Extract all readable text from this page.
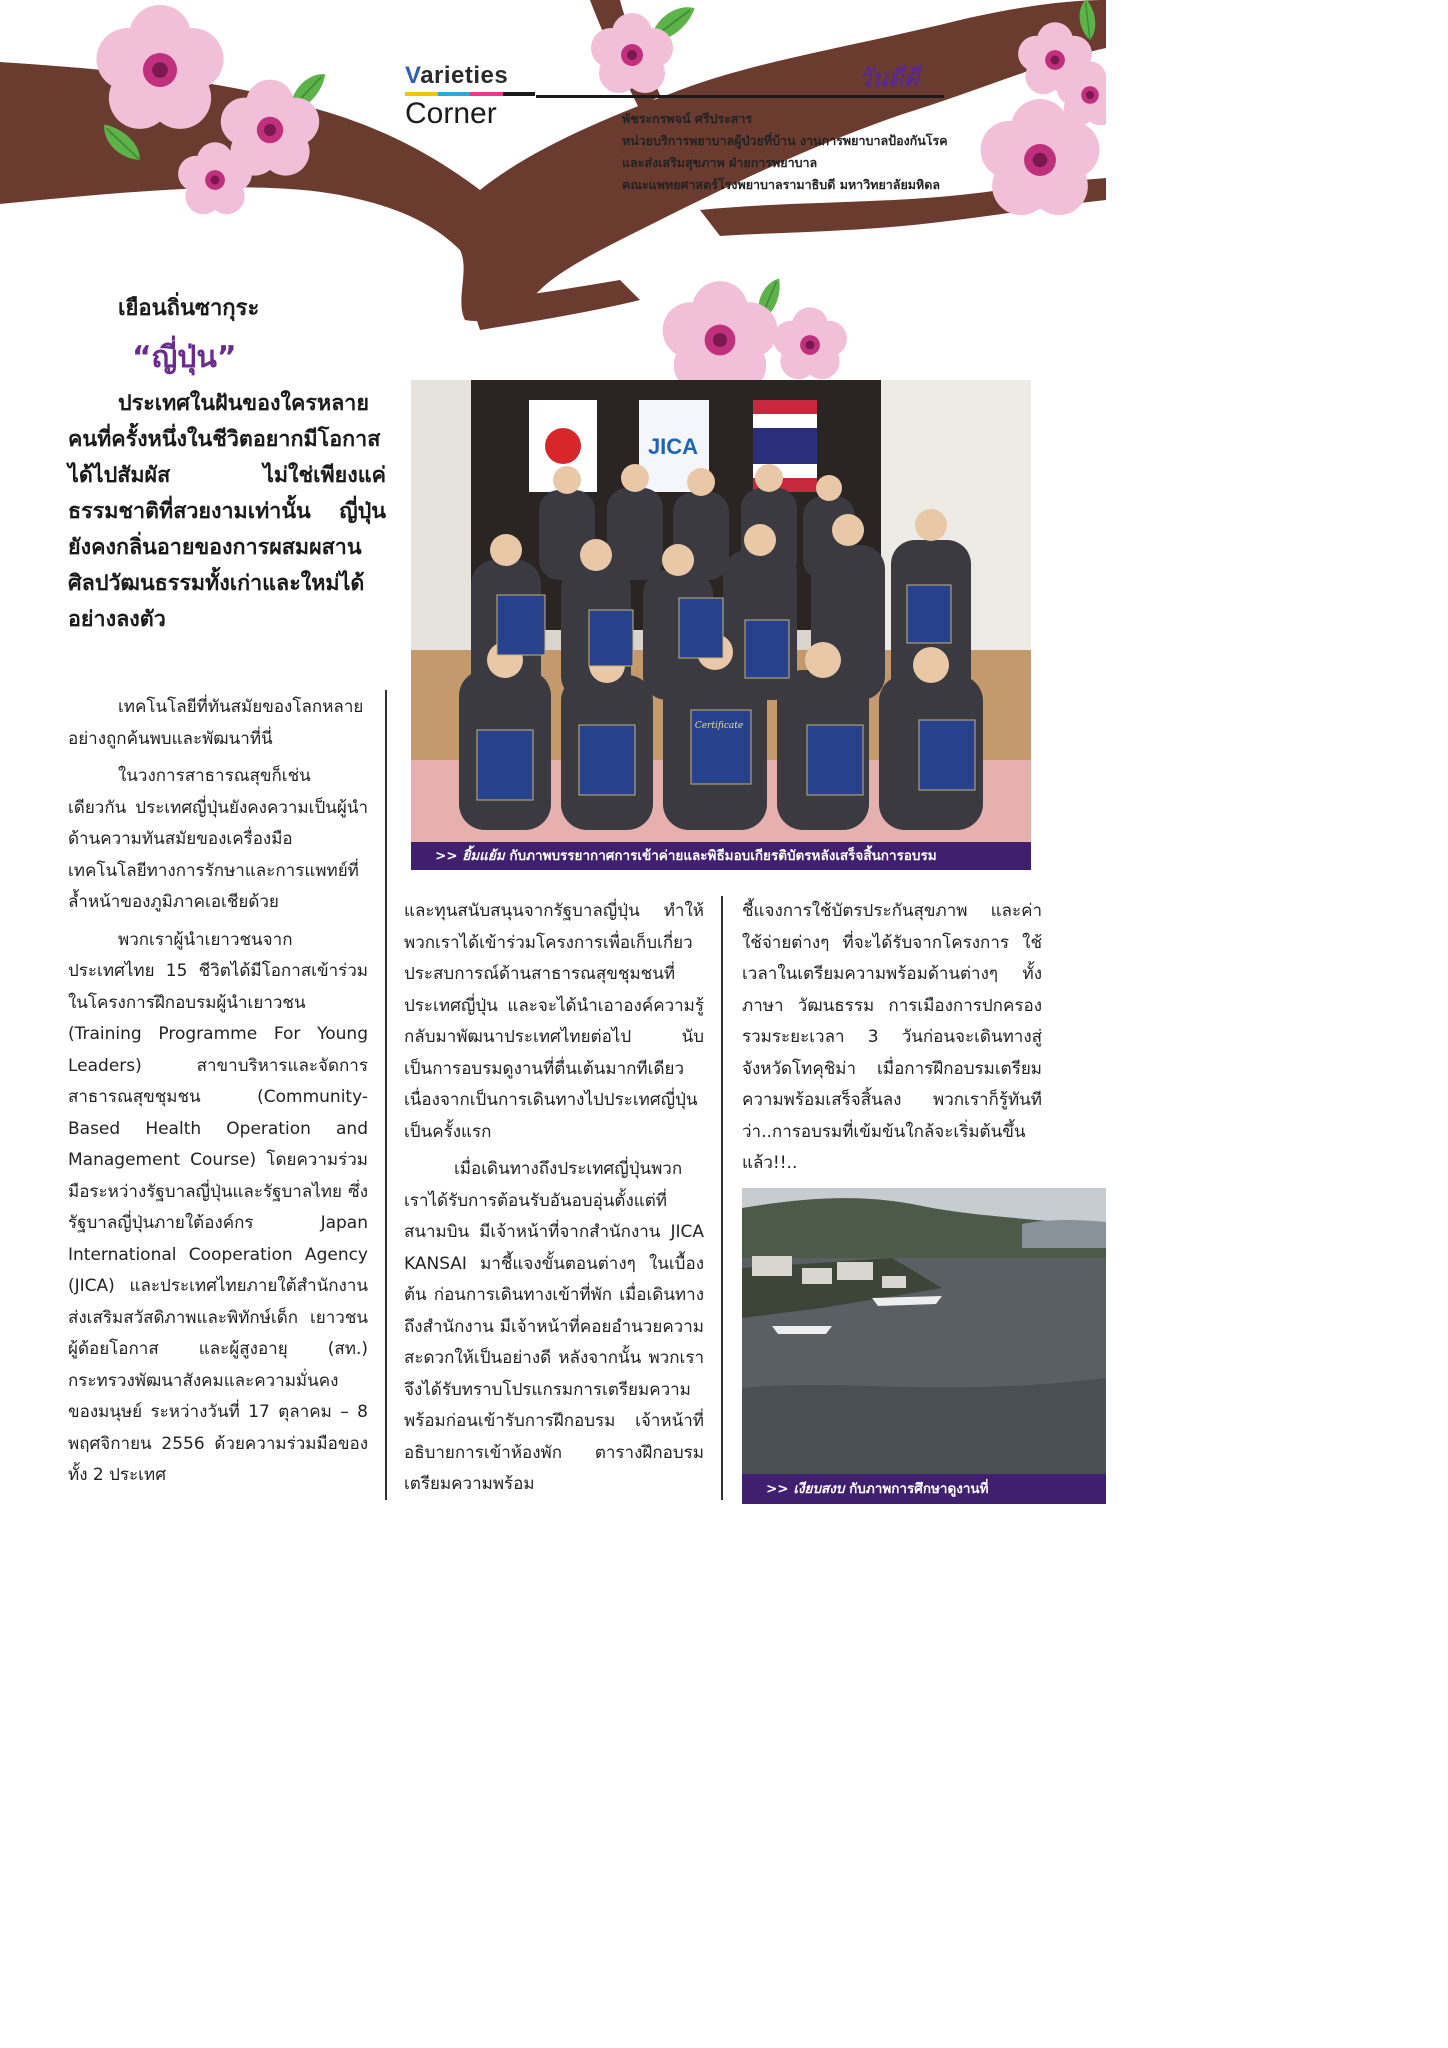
Varieties
Corner
วันดีดี
พัชระกรพจน์ ศรีประสาร
หน่วยบริการพยาบาลผู้ป่วยที่บ้าน งานการพยาบาลป้องกันโรค
และส่งเสริมสุขภาพ ฝ่ายการพยาบาล
คณะแพทยศาสตร์โรงพยาบาลรามาธิบดี มหาวิทยาลัยมหิดล
เยือนถิ่นซากุระ
“ญี่ปุ่น”
ประเทศในฝันของใครหลายคนที่ครั้งหนึ่งในชีวิตอยากมีโอกาสได้ไปสัมผัส ไม่ใช่เพียงแค่ธรรมชาติที่สวยงามเท่านั้น ญี่ปุ่นยังคงกลิ่นอายของการผสมผสานศิลปวัฒนธรรมทั้งเก่าและใหม่ได้อย่างลงตัว
JICA
Certificate
>> ยิ้มแย้ม กับภาพบรรยากาศการเข้าค่ายและพิธีมอบเกียรติบัตรหลังเสร็จสิ้นการอบรม

เทคโนโลยีที่ทันสมัยของโลกหลายอย่างถูกค้นพบและพัฒนาที่นี่

ในวงการสาธารณสุขก็เช่นเดียวกัน ประเทศญี่ปุ่นยังคงความเป็นผู้นำด้านความทันสมัยของเครื่องมือเทคโนโลยีทางการรักษาและการแพทย์ที่ล้ำหน้าของภูมิภาคเอเชียด้วย

พวกเราผู้นำเยาวชนจากประเทศไทย 15 ชีวิตได้มีโอกาสเข้าร่วมในโครงการฝึกอบรมผู้นำเยาวชน (Training Programme For Young Leaders) สาขาบริหารและจัดการสาธารณสุขชุมชน (Community-Based Health Operation and Management Course) โดยความร่วมมือระหว่างรัฐบาลญี่ปุ่นและรัฐบาลไทย ซึ่งรัฐบาลญี่ปุ่นภายใต้องค์กร Japan International Cooperation Agency (JICA) และประเทศไทยภายใต้สำนักงานส่งเสริมสวัสดิภาพและพิทักษ์เด็ก เยาวชน ผู้ด้อยโอกาส และผู้สูงอายุ (สท.) กระทรวงพัฒนาสังคมและความมั่นคงของมนุษย์ ระหว่างวันที่ 17 ตุลาคม – 8 พฤศจิกายน 2556 ด้วยความร่วมมือของทั้ง 2 ประเทศ

และทุนสนับสนุนจากรัฐบาลญี่ปุ่น ทำให้พวกเราได้เข้าร่วมโครงการเพื่อเก็บเกี่ยวประสบการณ์ด้านสาธารณสุขชุมชนที่ประเทศญี่ปุ่น และจะได้นำเอาองค์ความรู้กลับมาพัฒนาประเทศไทยต่อไป นับเป็นการอบรมดูงานที่ตื่นเต้นมากทีเดียว เนื่องจากเป็นการเดินทางไปประเทศญี่ปุ่นเป็นครั้งแรก

เมื่อเดินทางถึงประเทศญี่ปุ่นพวกเราได้รับการต้อนรับอันอบอุ่นตั้งแต่ที่สนามบิน มีเจ้าหน้าที่จากสำนักงาน JICA KANSAI มาชี้แจงขั้นตอนต่างๆ ในเบื้องต้น ก่อนการเดินทางเข้าที่พัก เมื่อเดินทางถึงสำนักงาน มีเจ้าหน้าที่คอยอำนวยความสะดวกให้เป็นอย่างดี หลังจากนั้น พวกเราจึงได้รับทราบโปรแกรมการเตรียมความพร้อมก่อนเข้ารับการฝึกอบรม เจ้าหน้าที่อธิบายการเข้าห้องพัก ตารางฝึกอบรมเตรียมความพร้อม

ชี้แจงการใช้บัตรประกันสุขภาพ และค่าใช้จ่ายต่างๆ ที่จะได้รับจากโครงการ ใช้เวลาในเตรียมความพร้อมด้านต่างๆ ทั้งภาษา วัฒนธรรม การเมืองการปกครอง รวมระยะเวลา 3 วันก่อนจะเดินทางสู่จังหวัดโทคุชิม่า เมื่อการฝึกอบรมเตรียมความพร้อมเสร็จสิ้นลง พวกเราก็รู้ทันทีว่า..การอบรมที่เข้มข้นใกล้จะเริ่มต้นขึ้นแล้ว!!..

>> เงียบสงบ กับภาพการศึกษาดูงานที่
